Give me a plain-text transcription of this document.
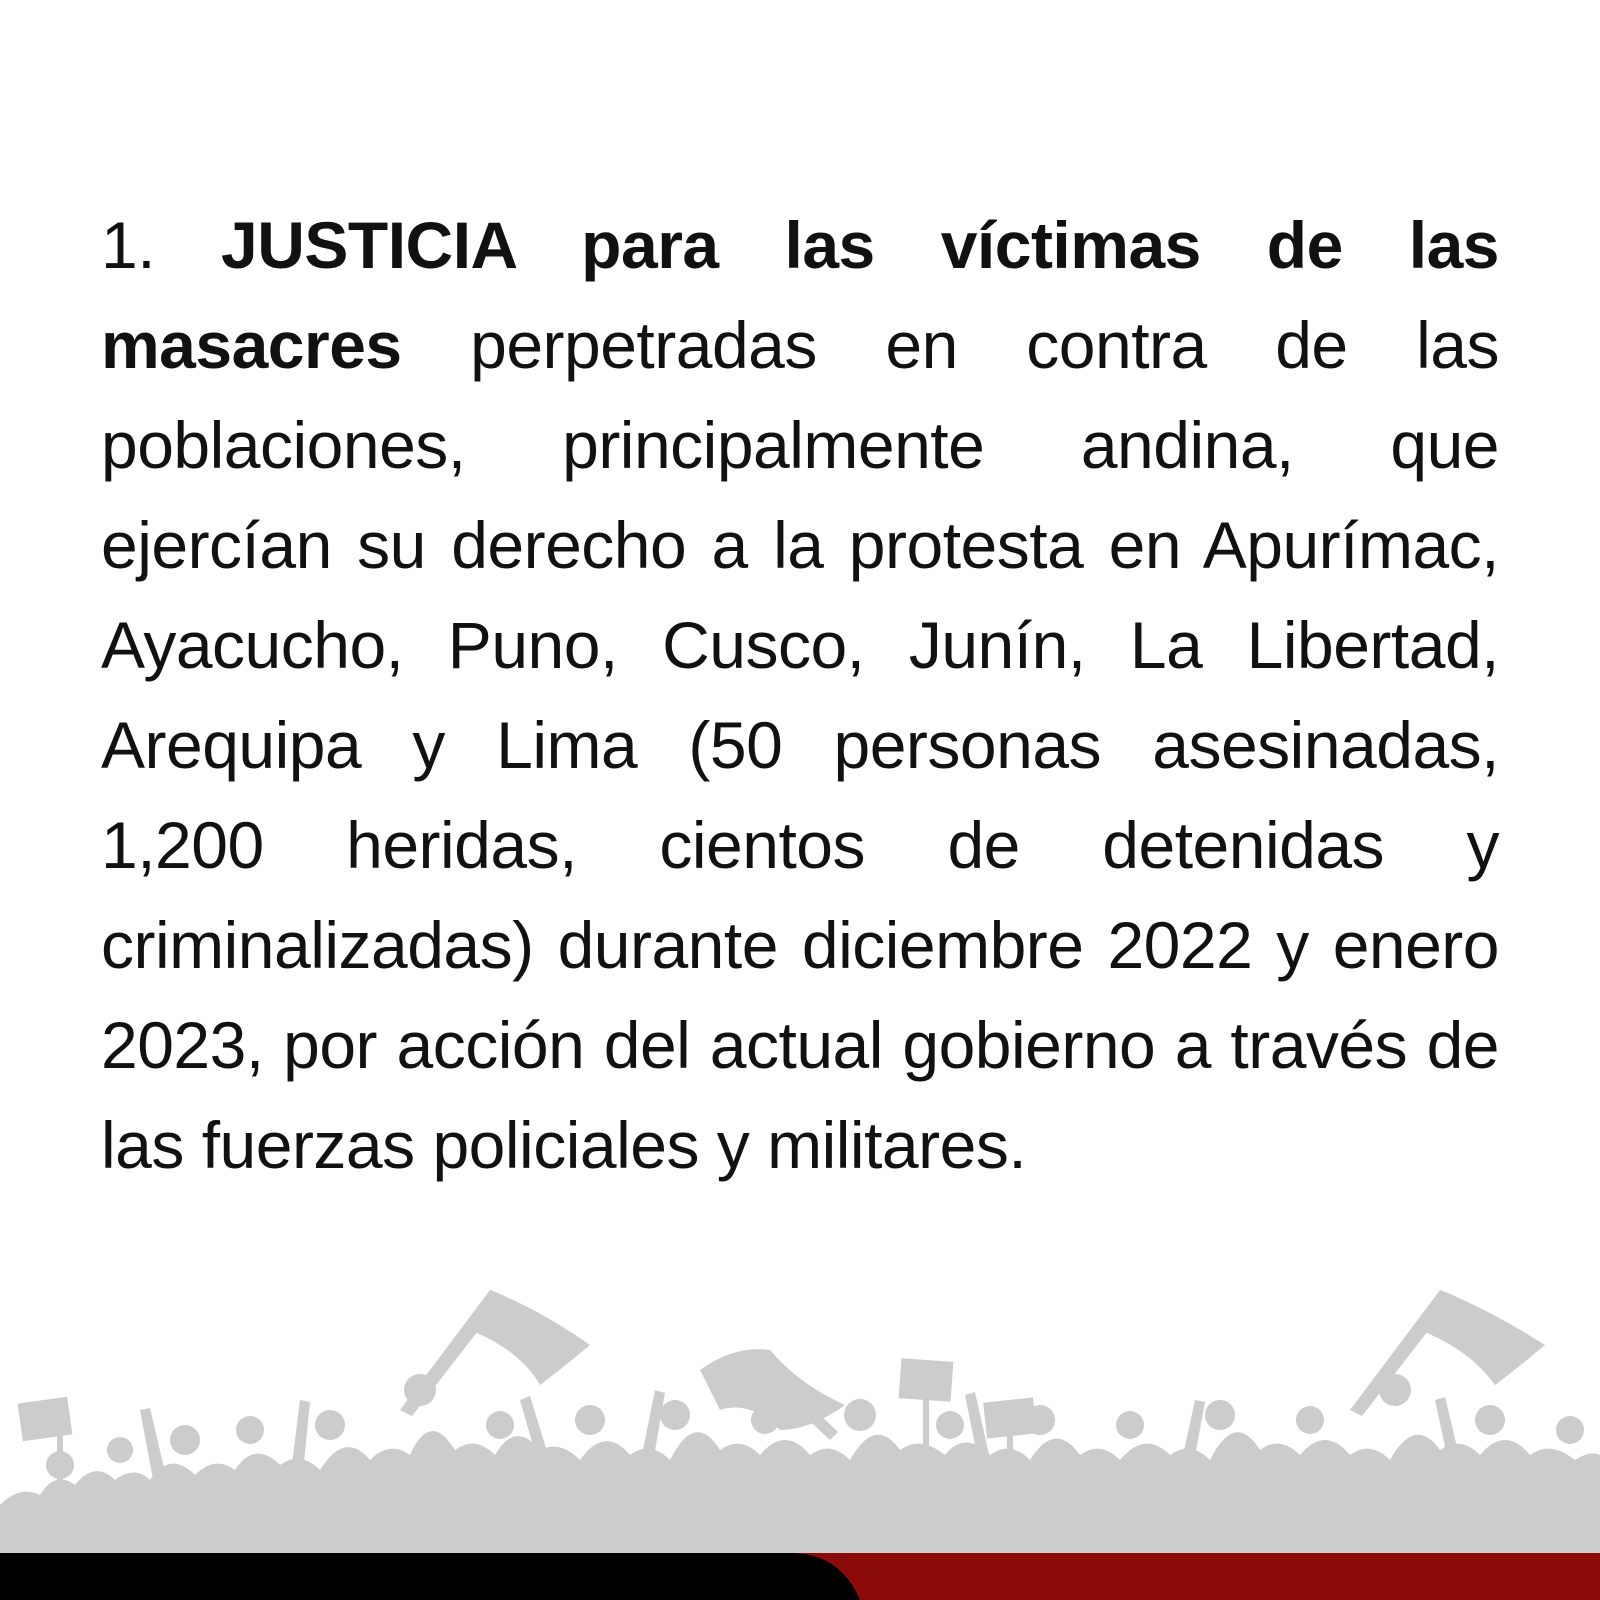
1. JUSTICIA para las víctimas de las masacres perpetradas en contra de las poblaciones, principalmente andina, que ejercían su derecho a la protesta en Apurímac, Ayacucho, Puno, Cusco, Junín, La Libertad, Arequipa y Lima (50 personas asesinadas, 1,200 heridas, cientos de detenidas y criminalizadas) durante diciembre 2022 y enero 2023, por acción del actual gobierno a través de las fuerzas policiales y militares.
